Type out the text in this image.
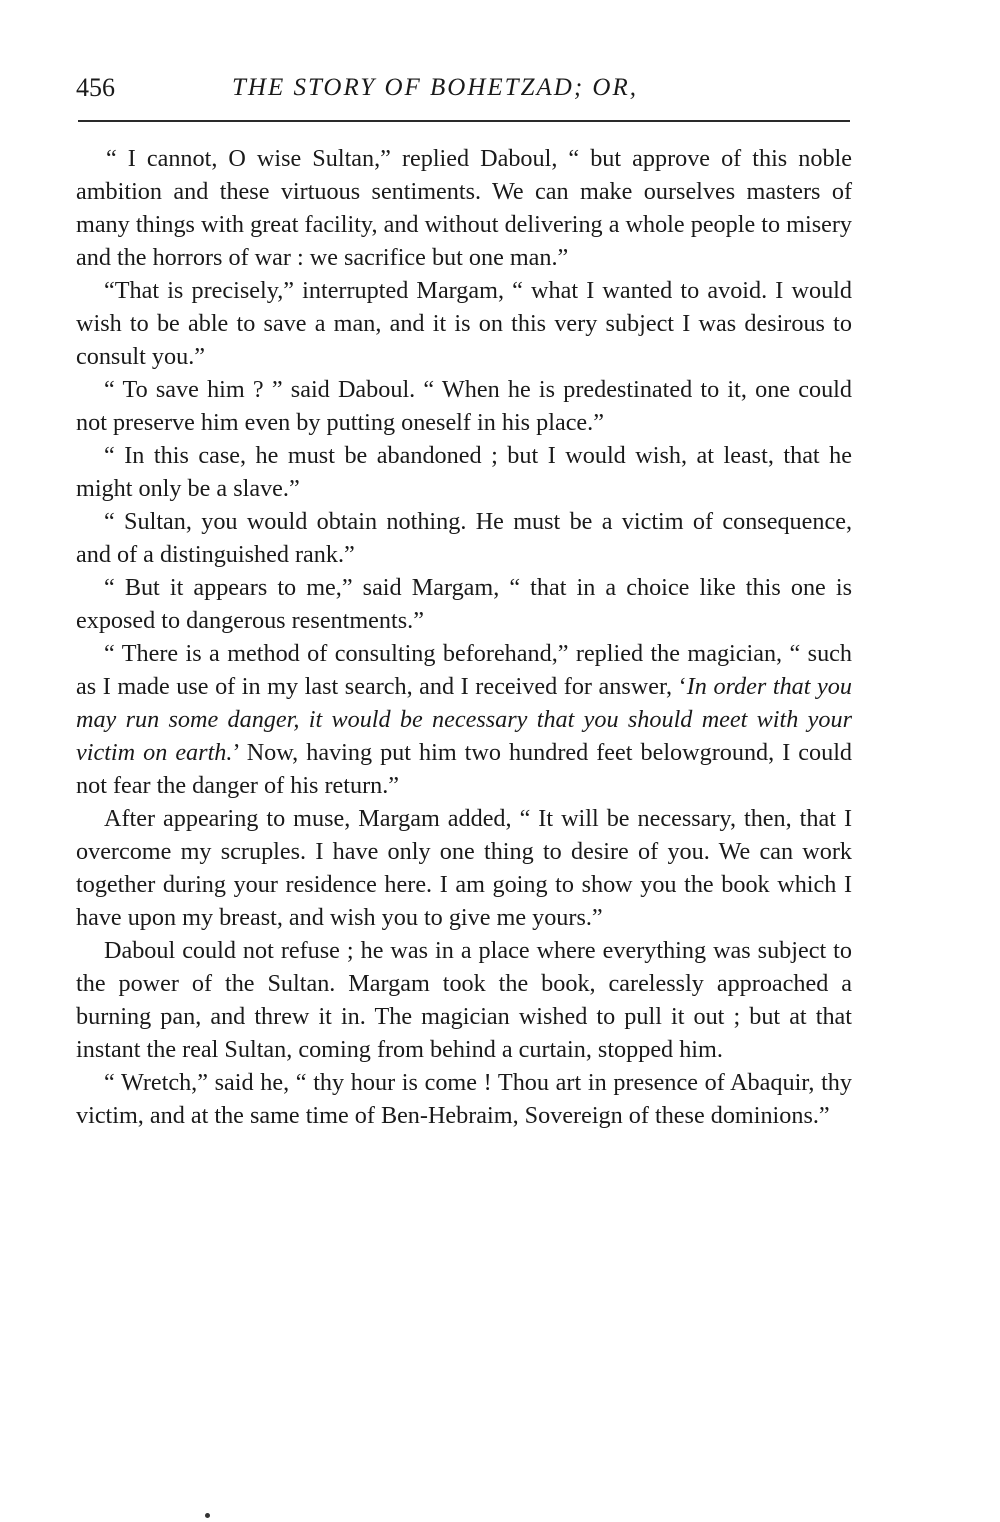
456	THE STORY OF BOHETZAD; OR,

“ I cannot, O wise Sultan,” replied Daboul, “ but approve of this noble ambition and these virtuous sentiments. We can make ourselves masters of many things with great facility, and without delivering a whole people to misery and the horrors of war : we sacrifice but one man.”

“That is precisely,” interrupted Margam, “ what I wanted to avoid. I would wish to be able to save a man, and it is on this very subject I was desirous to consult you.”

“ To save him ? ” said Daboul. “ When he is predestinated to it, one could not preserve him even by putting oneself in his place.”

“ In this case, he must be abandoned ; but I would wish, at least, that he might only be a slave.”

“ Sultan, you would obtain nothing. He must be a victim of consequence, and of a distinguished rank.”

“ But it appears to me,” said Margam, “ that in a choice like this one is exposed to dangerous resentments.”

“ There is a method of consulting beforehand,” replied the magician, “ such as I made use of in my last search, and I received for answer, ‘In order that you may run some danger, it would be necessary that you should meet with your victim on earth.’ Now, having put him two hundred feet belowground, I could not fear the danger of his return.”

After appearing to muse, Margam added, “ It will be necessary, then, that I overcome my scruples. I have only one thing to desire of you. We can work together during your residence here. I am going to show you the book which I have upon my breast, and wish you to give me yours.”

Daboul could not refuse ; he was in a place where everything was subject to the power of the Sultan. Margam took the book, carelessly approached a burning pan, and threw it in. The magician wished to pull it out ; but at that instant the real Sultan, coming from behind a curtain, stopped him.

“ Wretch,” said he, “ thy hour is come ! Thou art in presence of Abaquir, thy victim, and at the same time of Ben-Hebraim, Sovereign of these dominions.”
